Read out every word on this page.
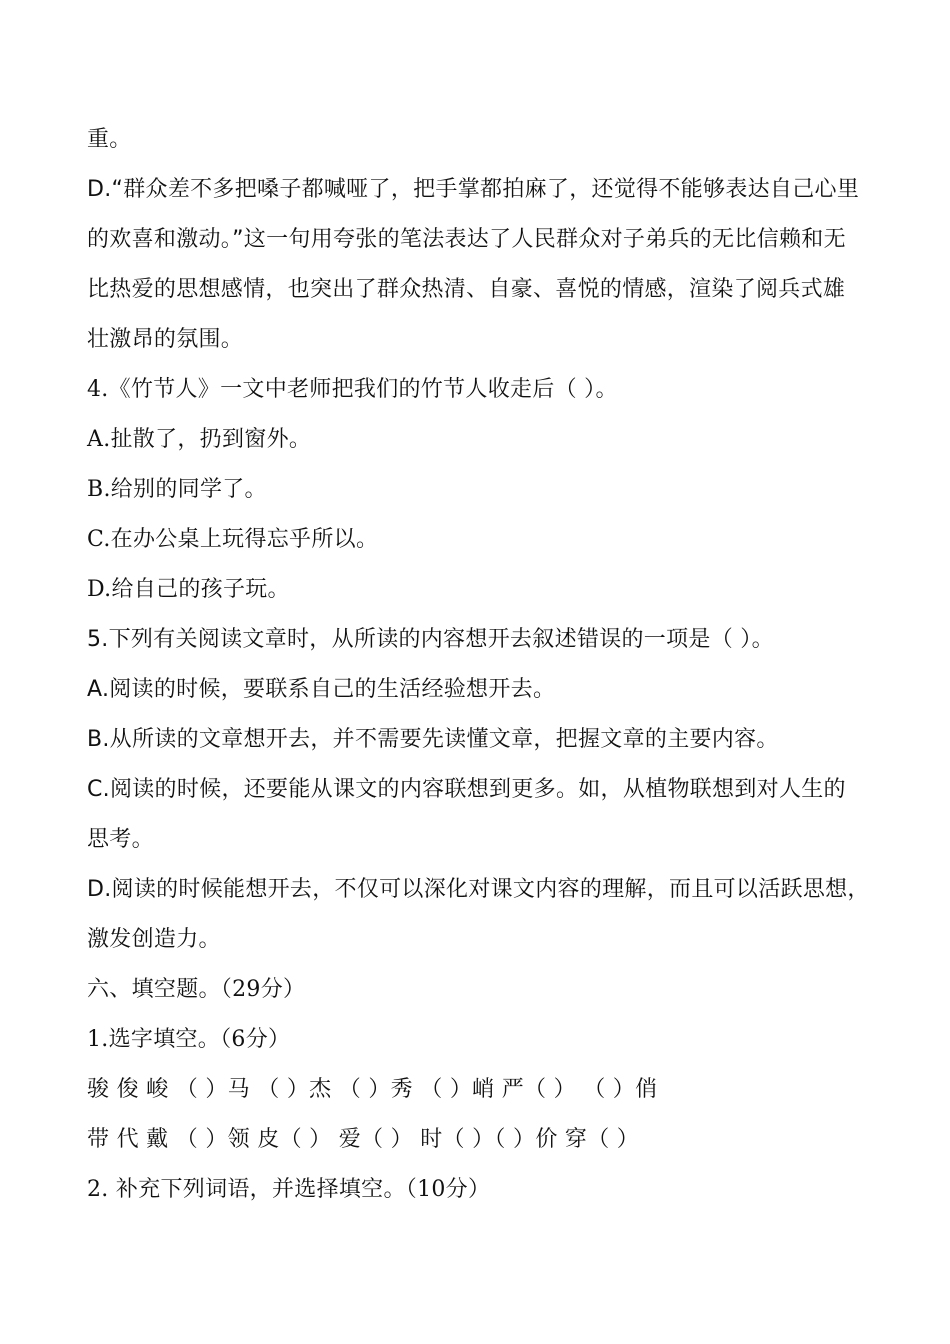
重。
D.“群众差不多把嗓子都喊哑了，把手掌都拍麻了，还觉得不能够表达自己心里
的欢喜和激动。”这一句用夸张的笔法表达了人民群众对子弟兵的无比信赖和无
比热爱的思想感情，也突出了群众热清、自豪、喜悦的情感，渲染了阅兵式雄
壮激昂的氛围。
4.《竹节人》一文中老师把我们的竹节人收走后（ ）。
A.扯散了，扔到窗外。
B.给别的同学了。
C.在办公桌上玩得忘乎所以。
D.给自己的孩子玩。
5.下列有关阅读文章时，从所读的内容想开去叙述错误的一项是（ ）。
A.阅读的时候，要联系自己的生活经验想开去。
B.从所读的文章想开去，并不需要先读懂文章，把握文章的主要内容。
C.阅读的时候，还要能从课文的内容联想到更多。如，从植物联想到对人生的
思考。
D.阅读的时候能想开去，不仅可以深化对课文内容的理解，而且可以活跃思想，
激发创造力。
六、填空题。（29分）
1.选字填空。（6分）
骏 俊 峻 （ ）马 （ ）杰 （ ）秀 （ ）峭 严（ ） （ ）俏
带 代 戴 （ ）领 皮（ ） 爱（ ） 时（ ）（ ）价 穿（ ）
2. 补充下列词语，并选择填空。（10分）
